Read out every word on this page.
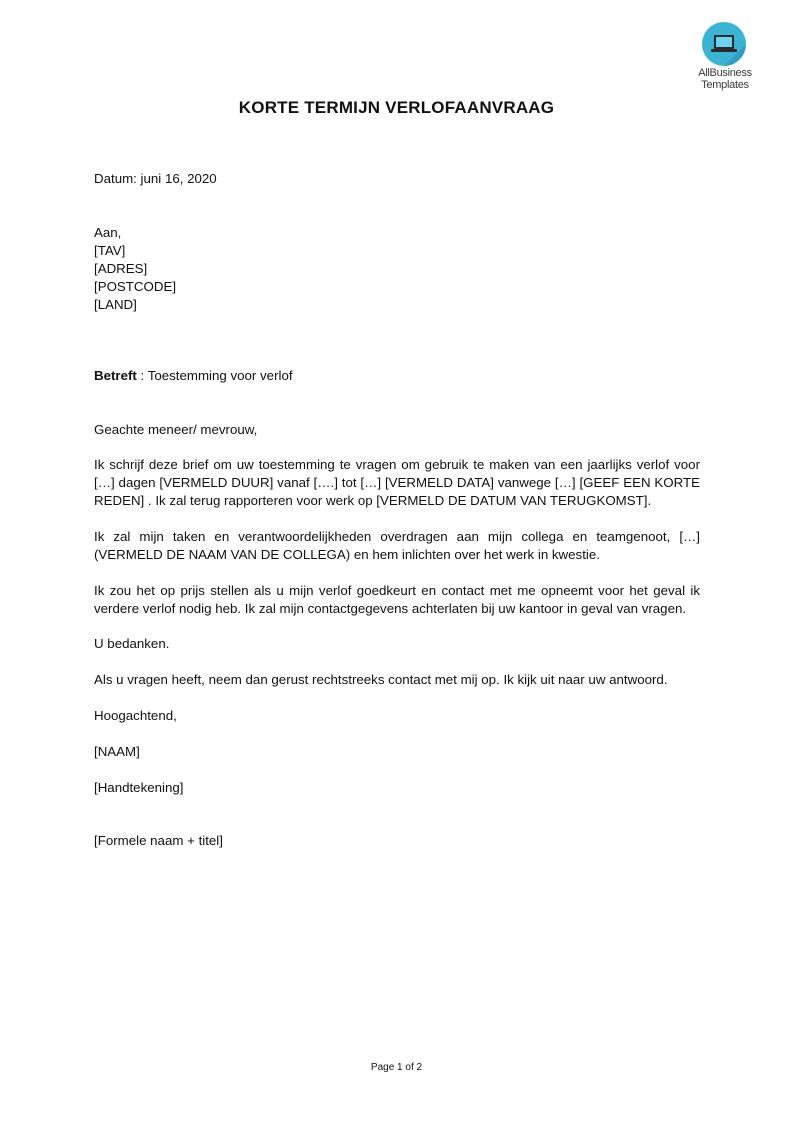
AllBusiness
Templates
KORTE TERMIJN VERLOFAANVRAAG
Datum: juni 16, 2020
Aan,
[TAV]
[ADRES]
[POSTCODE]
[LAND]
Betreft : Toestemming voor verlof
Geachte meneer/ mevrouw,
Ik schrijf deze brief om uw toestemming te vragen om gebruik te maken van een jaarlijks verlof voor […] dagen [VERMELD DUUR] vanaf [….] tot […] [VERMELD DATA] vanwege […] [GEEF EEN KORTE REDEN] . Ik zal terug rapporteren voor werk op [VERMELD DE DATUM VAN TERUGKOMST].
Ik zal mijn taken en verantwoordelijkheden overdragen aan mijn collega en teamgenoot, […] (VERMELD DE NAAM VAN DE COLLEGA) en hem inlichten over het werk in kwestie.
Ik zou het op prijs stellen als u mijn verlof goedkeurt en contact met me opneemt voor het geval ik verdere verlof nodig heb. Ik zal mijn contactgegevens achterlaten bij uw kantoor in geval van vragen.
U bedanken.
Als u vragen heeft, neem dan gerust rechtstreeks contact met mij op. Ik kijk uit naar uw antwoord.
Hoogachtend,
[NAAM]
[Handtekening]
[Formele naam + titel]
Page 1 of 2
